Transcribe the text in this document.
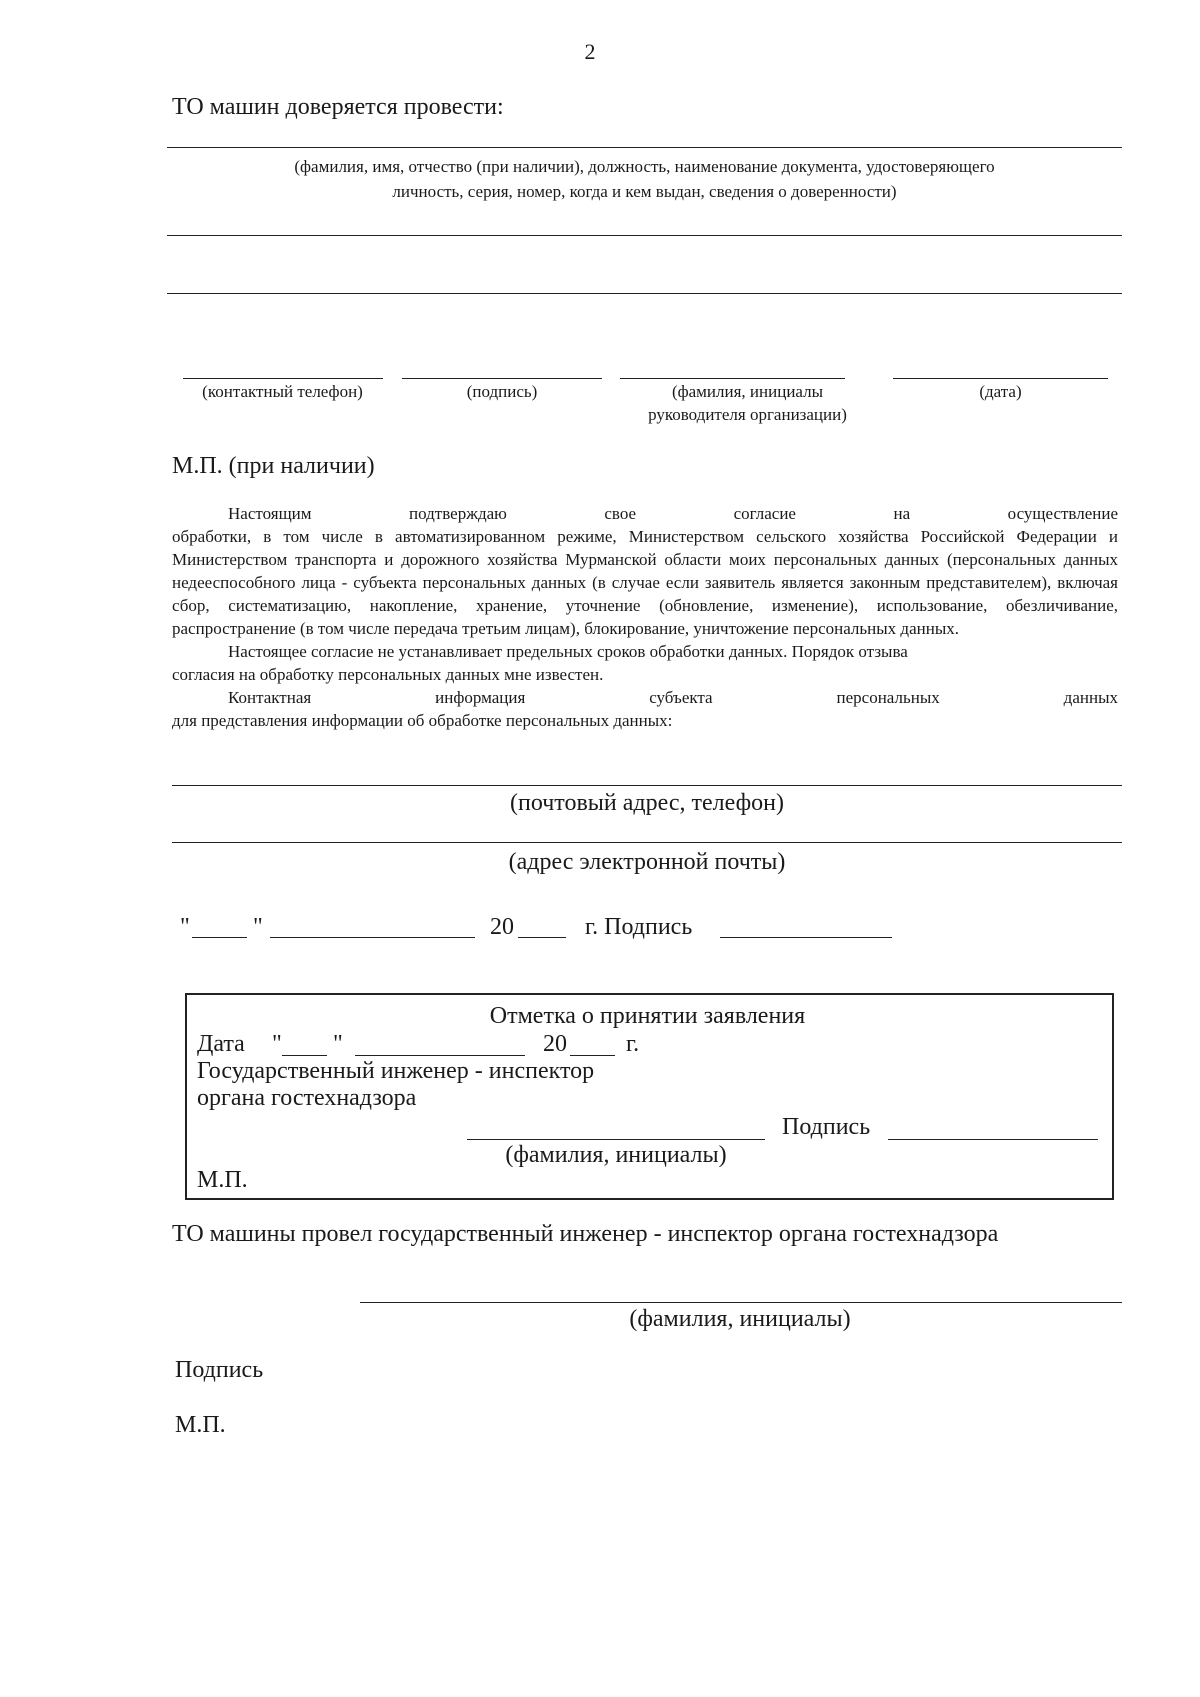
2
ТО машин доверяется провести:
(фамилия, имя, отчество (при наличии), должность, наименование документа, удостоверяющего
личность, серия, номер, когда и кем выдан, сведения о доверенности)
(контактный телефон)	(подпись)	(фамилия, инициалы
руководителя организации)
(дата)
М.П. (при наличии)
Настоящим подтверждаю свое согласие на осуществление
обработки, в том числе в автоматизированном режиме, Министерством сельского хозяйства Российской Федерации и Министерством транспорта и дорожного хозяйства Мурманской области моих персональных данных (персональных данных недееспособного лица - субъекта персональных данных (в случае если заявитель является законным представителем), включая сбор, систематизацию, накопление, хранение, уточнение (обновление, изменение), использование, обезличивание, распространение (в том числе передача третьим лицам), блокирование, уничтожение персональных данных.
Настоящее согласие не устанавливает предельных сроков обработки данных. Порядок отзыва
согласия на обработку персональных данных мне известен.
Контактная информация субъекта персональных данных
для представления информации об обработке персональных данных:
(почтовый адрес, телефон)
(адрес электронной почты)
"	"	20	г. Подпись
Отметка о принятии заявления
Дата " "	20 г.
Государственный инженер - инспектор
органа гостехнадзора
Подпись
(фамилия, инициалы)
М.П.
ТО машины провел государственный инженер - инспектор органа гостехнадзора
(фамилия, инициалы)
Подпись
М.П.
